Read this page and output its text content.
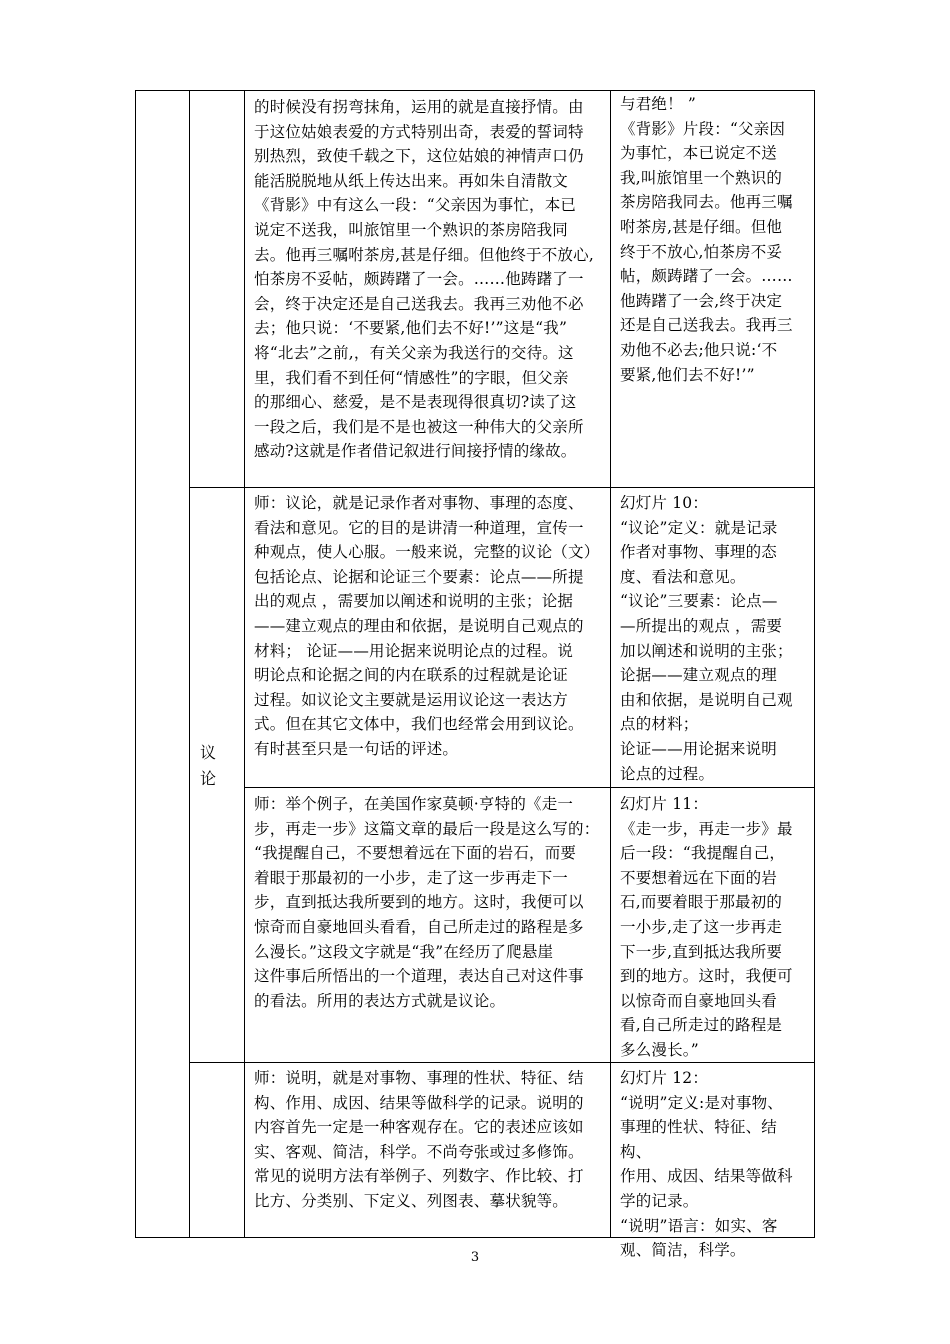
的时候没有拐弯抹角，运用的就是直接抒情。由
于这位姑娘表爱的方式特别出奇，表爱的誓词特
别热烈，致使千载之下，这位姑娘的神情声口仍
能活脱脱地从纸上传达出来。再如朱自清散文
《背影》中有这么一段：“父亲因为事忙，本已
说定不送我，叫旅馆里一个熟识的茶房陪我同
去。他再三嘱咐茶房,甚是仔细。但他终于不放心,
怕茶房不妥帖，颇踌躇了一会。……他踌躇了一
会，终于决定还是自己送我去。我再三劝他不必
去；他只说：‘不要紧,他们去不好!’”这是“我”
将“北去”之前,，有关父亲为我送行的交待。这
里，我们看不到任何“情感性”的字眼，但父亲
的那细心、慈爱，是不是表现得很真切?读了这
一段之后，我们是不是也被这一种伟大的父亲所
感动?这就是作者借记叙进行间接抒情的缘故。
与君绝！ ”
《背影》片段：“父亲因
为事忙，本已说定不送
我,叫旅馆里一个熟识的
茶房陪我同去。他再三嘱
咐茶房,甚是仔细。但他
终于不放心,怕茶房不妥
帖，颇踌躇了一会。……
他踌躇了一会,终于决定
还是自己送我去。我再三
劝他不必去;他只说:‘不
要紧,他们去不好!’”
议
论
师：议论，就是记录作者对事物、事理的态度、
看法和意见。它的目的是讲清一种道理，宣传一
种观点，使人心服。一般来说，完整的议论（文）
包括论点、论据和论证三个要素：论点——所提
出的观点 ，需要加以阐述和说明的主张；论据
——建立观点的理由和依据，是说明自己观点的
材料； 论证——用论据来说明论点的过程。说
明论点和论据之间的内在联系的过程就是论证
过程。如议论文主要就是运用议论这一表达方
式。但在其它文体中，我们也经常会用到议论。
有时甚至只是一句话的评述。
幻灯片 10：
“议论”定义：就是记录
作者对事物、事理的态
度、看法和意见。
“议论”三要素：论点—
—所提出的观点 ，需要
加以阐述和说明的主张；
论据——建立观点的理
由和依据，是说明自己观
点的材料；
论证——用论据来说明
论点的过程。
师：举个例子，在美国作家莫顿·亨特的《走一
步，再走一步》这篇文章的最后一段是这么写的：
“我提醒自己，不要想着远在下面的岩石，而要
着眼于那最初的一小步，走了这一步再走下一
步，直到抵达我所要到的地方。这时，我便可以
惊奇而自豪地回头看看，自己所走过的路程是多
么漫长。”这段文字就是“我”在经历了爬悬崖
这件事后所悟出的一个道理，表达自己对这件事
的看法。所用的表达方式就是议论。
幻灯片 11：
《走一步，再走一步》最
后一段：“我提醒自己，
不要想着远在下面的岩
石,而要着眼于那最初的
一小步,走了这一步再走
下一步,直到抵达我所要
到的地方。这时，我便可
以惊奇而自豪地回头看
看,自己所走过的路程是
多么漫长。”
师：说明，就是对事物、事理的性状、特征、结
构、作用、成因、结果等做科学的记录。说明的
内容首先一定是一种客观存在。它的表述应该如
实、客观、简洁，科学。不尚夸张或过多修饰。
常见的说明方法有举例子、列数字、作比较、打
比方、分类别、下定义、列图表、摹状貌等。
幻灯片 12：
“说明”定义:是对事物、
事理的性状、特征、结构、
作用、成因、结果等做科
学的记录。
“说明”语言：如实、客
观、简洁，科学。
3
